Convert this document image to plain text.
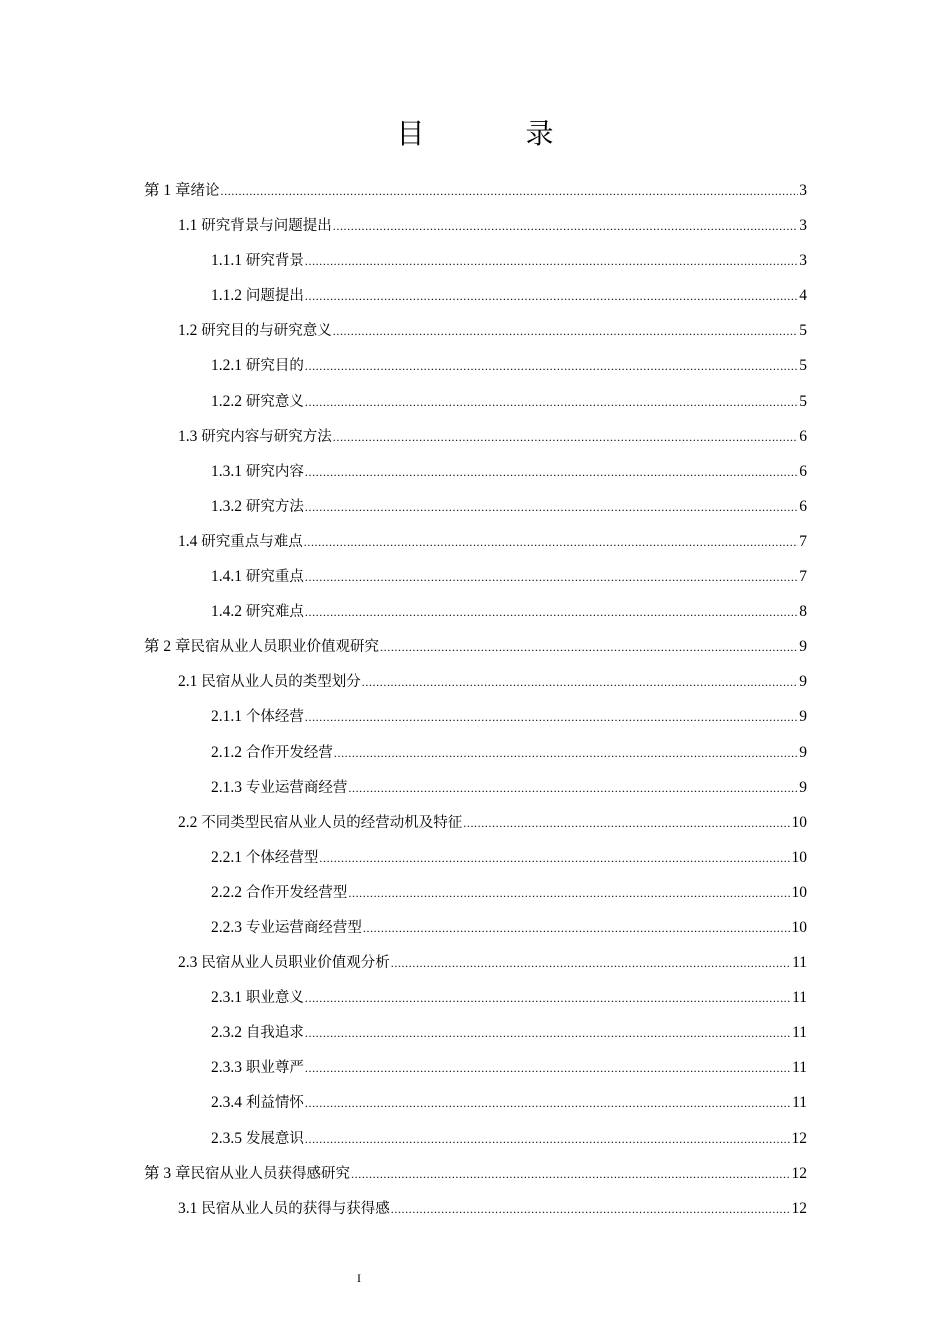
目 录
第 1 章绪论 .....	3
1.1 研究背景与问题提出 .....	3
1.1.1 研究背景 .....	3
1.1.2 问题提出 .....	4
1.2 研究目的与研究意义 .....	5
1.2.1 研究目的 .....	5
1.2.2 研究意义 .....	5
1.3 研究内容与研究方法 .....	6
1.3.1 研究内容 .....	6
1.3.2 研究方法 .....	6
1.4 研究重点与难点 .....	7
1.4.1 研究重点 .....	7
1.4.2 研究难点 .....	8
第 2 章民宿从业人员职业价值观研究 .....	9
2.1 民宿从业人员的类型划分 .....	9
2.1.1 个体经营 .....	9
2.1.2 合作开发经营 .....	9
2.1.3 专业运营商经营 .....	9
2.2 不同类型民宿从业人员的经营动机及特征 .....	10
2.2.1 个体经营型 .....	10
2.2.2 合作开发经营型 .....	10
2.2.3 专业运营商经营型 .....	10
2.3 民宿从业人员职业价值观分析 .....	11
2.3.1 职业意义 .....	11
2.3.2 自我追求 .....	11
2.3.3 职业尊严 .....	11
2.3.4 利益情怀 .....	11
2.3.5 发展意识 .....	12
第 3 章民宿从业人员获得感研究 .....	12
3.1 民宿从业人员的获得与获得感 .....	12
I
